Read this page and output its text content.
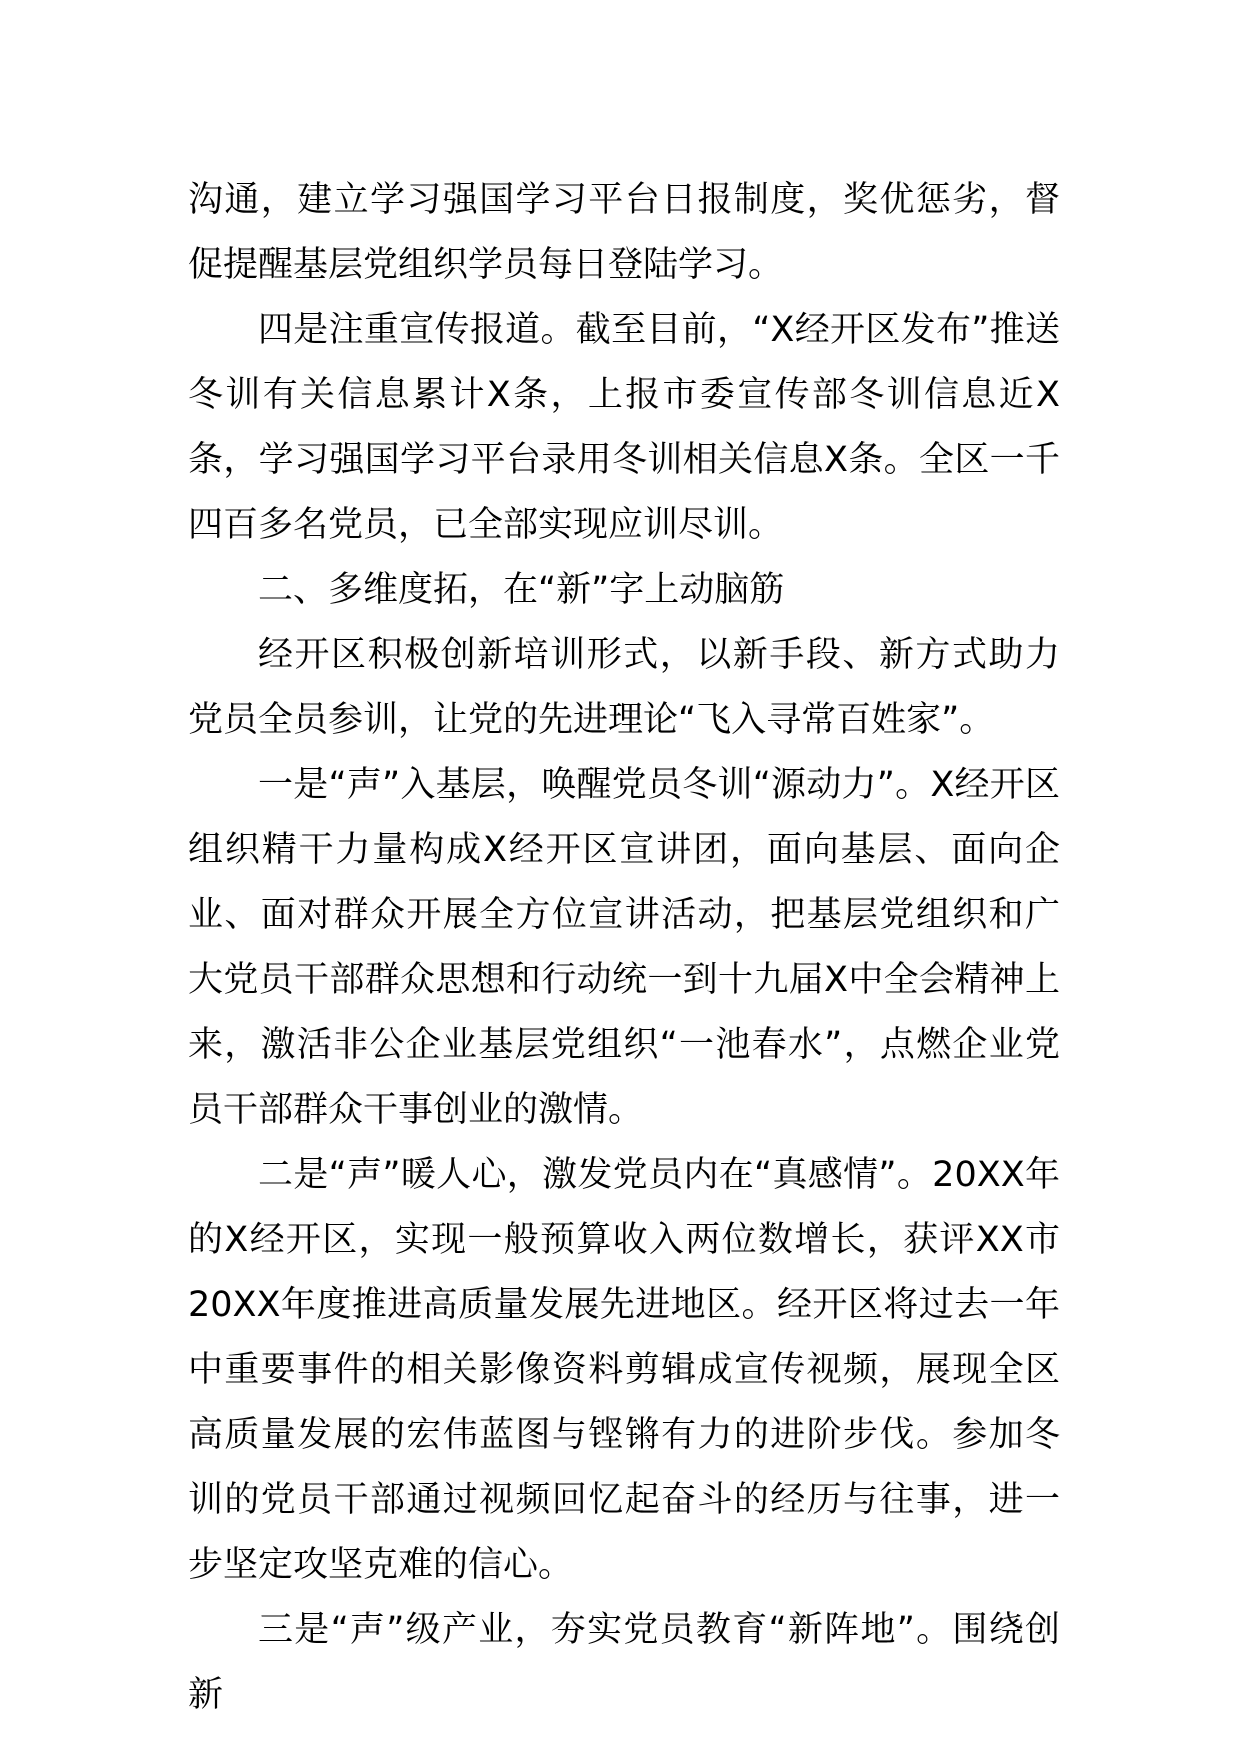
沟通，建立学习强国学习平台日报制度，奖优惩劣，督促提醒基层党组织学员每日登陆学习。

四是注重宣传报道。截至目前，“X经开区发布”推送冬训有关信息累计X条，上报市委宣传部冬训信息近X条，学习强国学习平台录用冬训相关信息X条。全区一千四百多名党员，已全部实现应训尽训。

二、多维度拓，在“新”字上动脑筋

经开区积极创新培训形式，以新手段、新方式助力党员全员参训，让党的先进理论“飞入寻常百姓家”。

一是“声”入基层，唤醒党员冬训“源动力”。X经开区组织精干力量构成X经开区宣讲团，面向基层、面向企业、面对群众开展全方位宣讲活动，把基层党组织和广大党员干部群众思想和行动统一到十九届X中全会精神上来，激活非公企业基层党组织“一池春水”，点燃企业党员干部群众干事创业的激情。

二是“声”暖人心，激发党员内在“真感情”。20XX年的X经开区，实现一般预算收入两位数增长，获评XX市20XX年度推进高质量发展先进地区。经开区将过去一年中重要事件的相关影像资料剪辑成宣传视频，展现全区高质量发展的宏伟蓝图与铿锵有力的进阶步伐。参加冬训的党员干部通过视频回忆起奋斗的经历与往事，进一步坚定攻坚克难的信心。

三是“声”级产业，夯实党员教育“新阵地”。围绕创新
